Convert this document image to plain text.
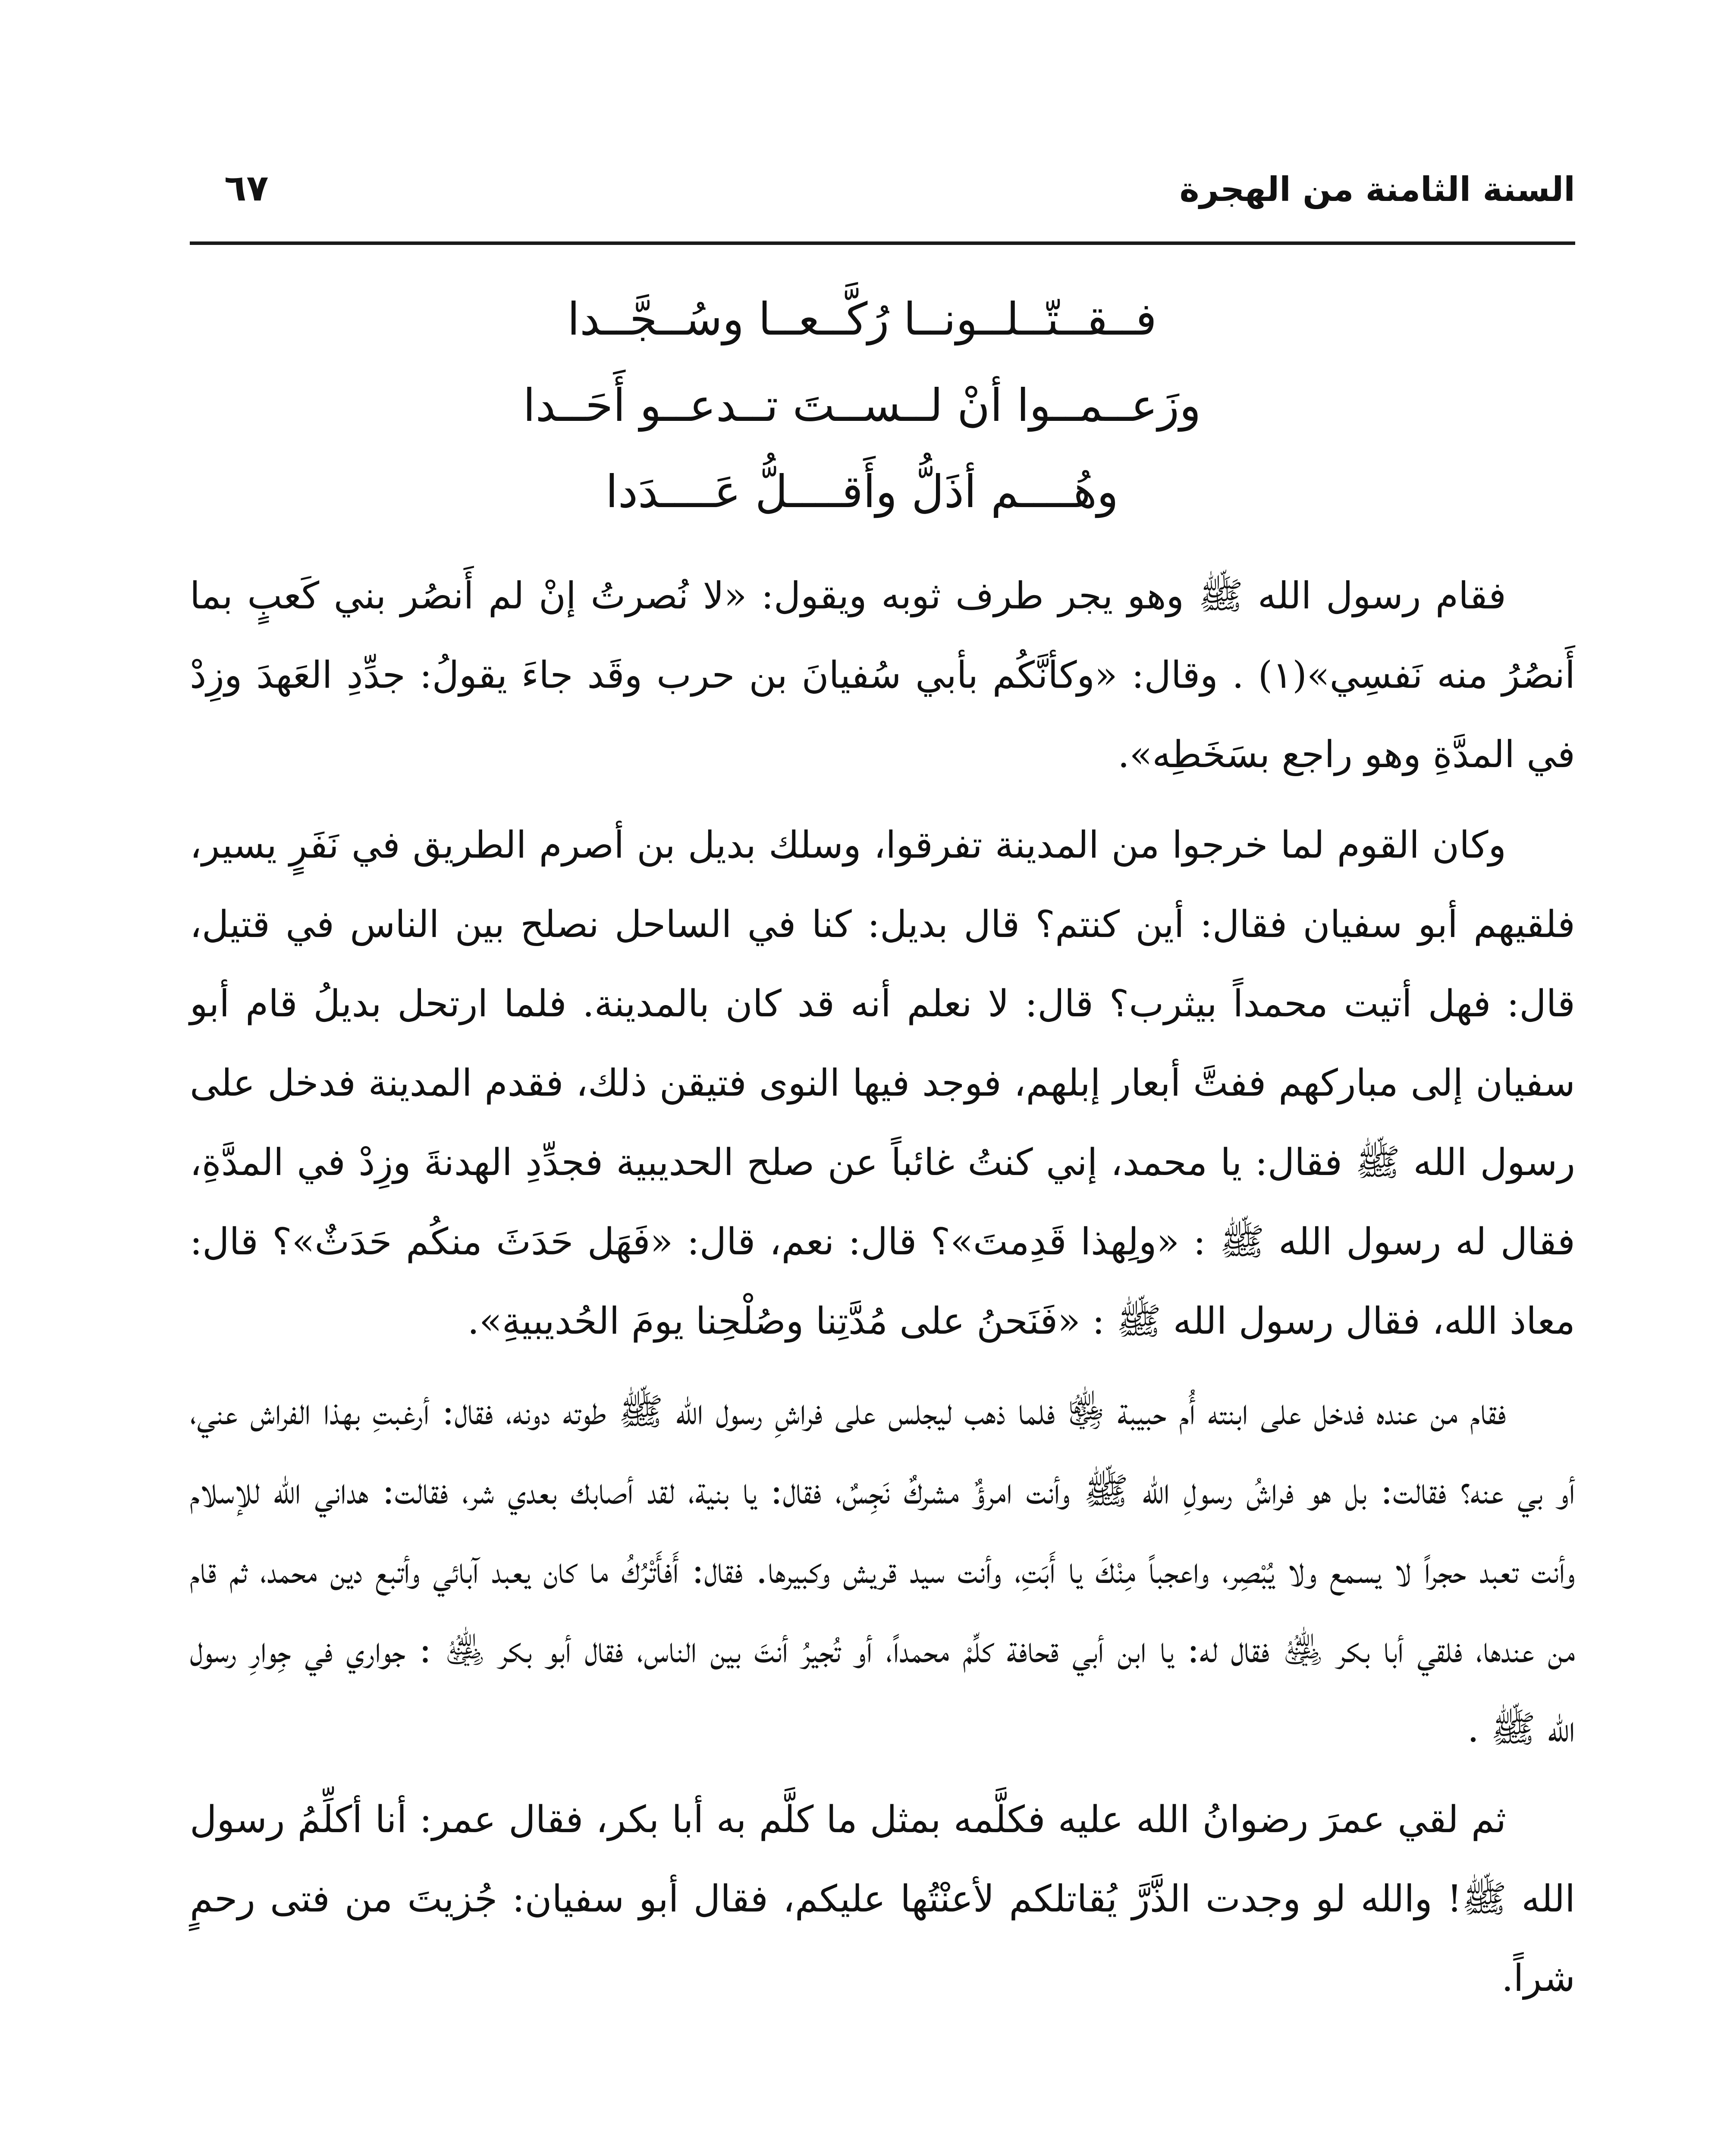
السنة الثامنة من الهجرة
٦٧
فــقــتّــلــونــا رُكَّــعــا وسُــجَّــدا
وزَعــمــوا أنْ لــســتَ تــدعــو أَحَــدا
وهُــــم أذَلُّ وأَقــــلُّ عَــــدَدا

فقام رسول الله ﷺ وهو يجر طرف ثوبه ويقول: «لا نُصرتُ إنْ لم أَنصُر بني كَعبٍ بما أَنصُرُ منه نَفسِي»(١) . وقال: «وكأنَّكُم بأبي سُفيانَ بن حرب وقَد جاءَ يقولُ: جدِّدِ العَهدَ وزِدْ في المدَّةِ وهو راجع بسَخَطِه».

وكان القوم لما خرجوا من المدينة تفرقوا، وسلك بديل بن أصرم الطريق في نَفَرٍ يسير، فلقيهم أبو سفيان فقال: أين كنتم؟ قال بديل: كنا في الساحل نصلح بين الناس في قتيل، قال: فهل أتيت محمداً بيثرب؟ قال: لا نعلم أنه قد كان بالمدينة. فلما ارتحل بديلُ قام أبو سفيان إلى مباركهم ففتَّ أبعار إبلهم، فوجد فيها النوى فتيقن ذلك، فقدم المدينة فدخل على رسول الله ﷺ فقال: يا محمد، إني كنتُ غائباً عن صلح الحديبية فجدِّدِ الهدنةَ وزِدْ في المدَّةِ، فقال له رسول الله ﷺ : «ولِهذا قَدِمتَ»؟ قال: نعم، قال: «فَهَل حَدَثَ منكُم حَدَثٌ»؟ قال: معاذ الله، فقال رسول الله ﷺ : «فَنَحنُ على مُدَّتِنا وصُلْحِنا يومَ الحُديبيةِ».

فقام من عنده فدخل على ابنته أُم حبيبة ﵂ فلما ذهب ليجلس على فراشِ رسول الله ﷺ طوته دونه، فقال: أرغبتِ بهذا الفراش عني، أو بي عنه؟ فقالت: بل هو فراشُ رسولِ الله ﷺ وأنت امرؤٌ مشركٌ نَجِسٌ، فقال: يا بنية، لقد أصابك بعدي شر، فقالت: هداني الله للإسلام وأنت تعبد حجراً لا يسمع ولا يُبْصِر، واعجباً مِنْكَ يا أَبَتِ، وأنت سيد قريش وكبيرها. فقال: أَفأَتْرُكُ ما كان يعبد آبائي وأتبع دين محمد، ثم قام من عندها، فلقي أبا بكر ﵁ فقال له: يا ابن أبي قحافة كلِّمْ محمداً، أو تُجيرُ أنتَ بين الناس، فقال أبو بكر ﵁ : جواري في جِوارِ رسول الله ﷺ .

ثم لقي عمرَ رضوانُ الله عليه فكلَّمه بمثل ما كلَّم به أبا بكر، فقال عمر: أنا أكلِّمُ رسول الله ﷺ! والله لو وجدت الذَّرَّ يُقاتلكم لأعنْتُها عليكم، فقال أبو سفيان: جُزيتَ من فتى رحمٍ شراً.
